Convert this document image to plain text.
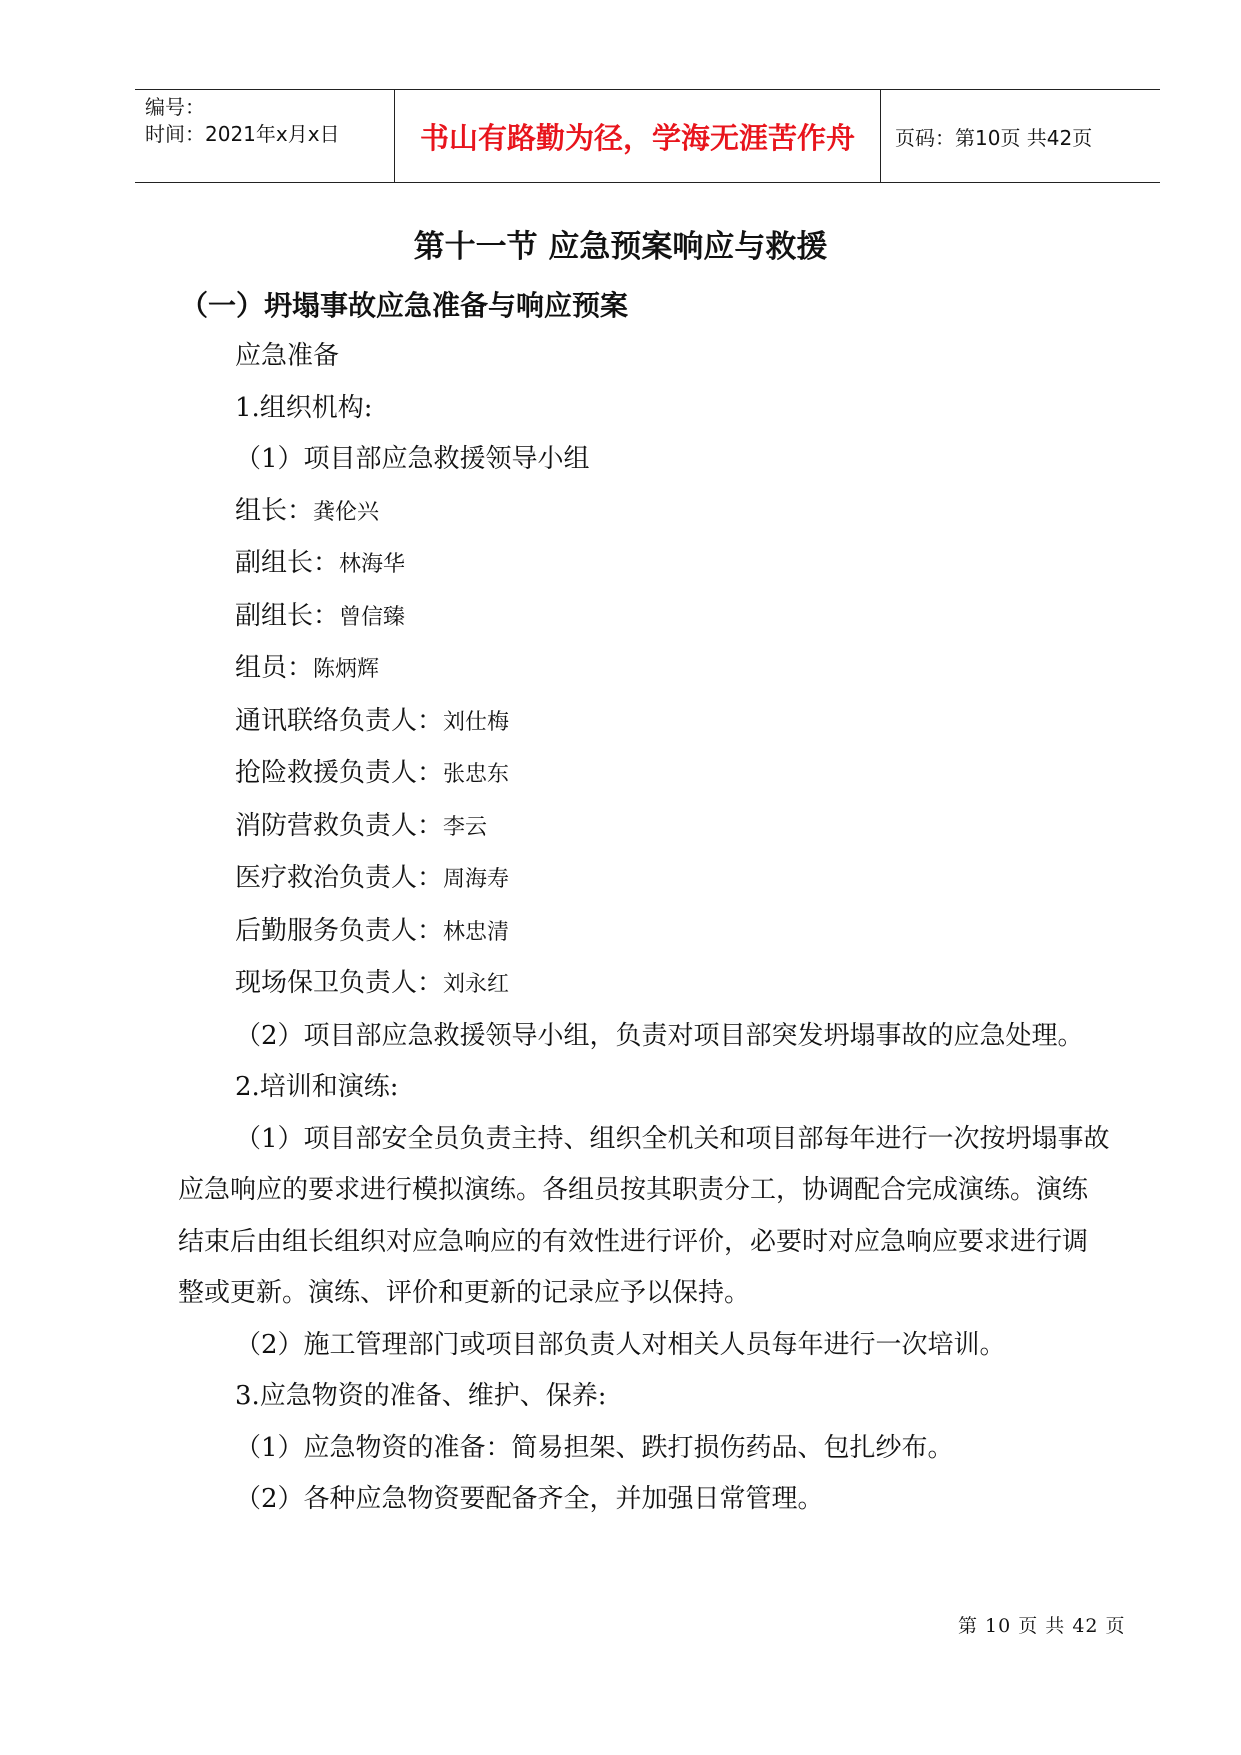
编号：
时间：2021年x月x日	书山有路勤为径，学海无涯苦作舟	页码：第10页 共42页
第十一节 应急预案响应与救援
（一）坍塌事故应急准备与响应预案

应急准备

1.组织机构:

（1）项目部应急救援领导小组

组长：龚伦兴

副组长：林海华

副组长：曾信臻

组员：陈炳辉

通讯联络负责人：刘仕梅

抢险救援负责人：张忠东

消防营救负责人：李云

医疗救治负责人：周海寿

后勤服务负责人：林忠清

现场保卫负责人：刘永红

（2）项目部应急救援领导小组，负责对项目部突发坍塌事故的应急处理。

2.培训和演练:

（1）项目部安全员负责主持、组织全机关和项目部每年进行一次按坍塌事故应急响应的要求进行模拟演练。各组员按其职责分工，协调配合完成演练。演练结束后由组长组织对应急响应的有效性进行评价，必要时对应急响应要求进行调整或更新。演练、评价和更新的记录应予以保持。

（2）施工管理部门或项目部负责人对相关人员每年进行一次培训。

3.应急物资的准备、维护、保养:

（1）应急物资的准备：简易担架、跌打损伤药品、包扎纱布。

（2）各种应急物资要配备齐全，并加强日常管理。

第 10 页 共 42 页
